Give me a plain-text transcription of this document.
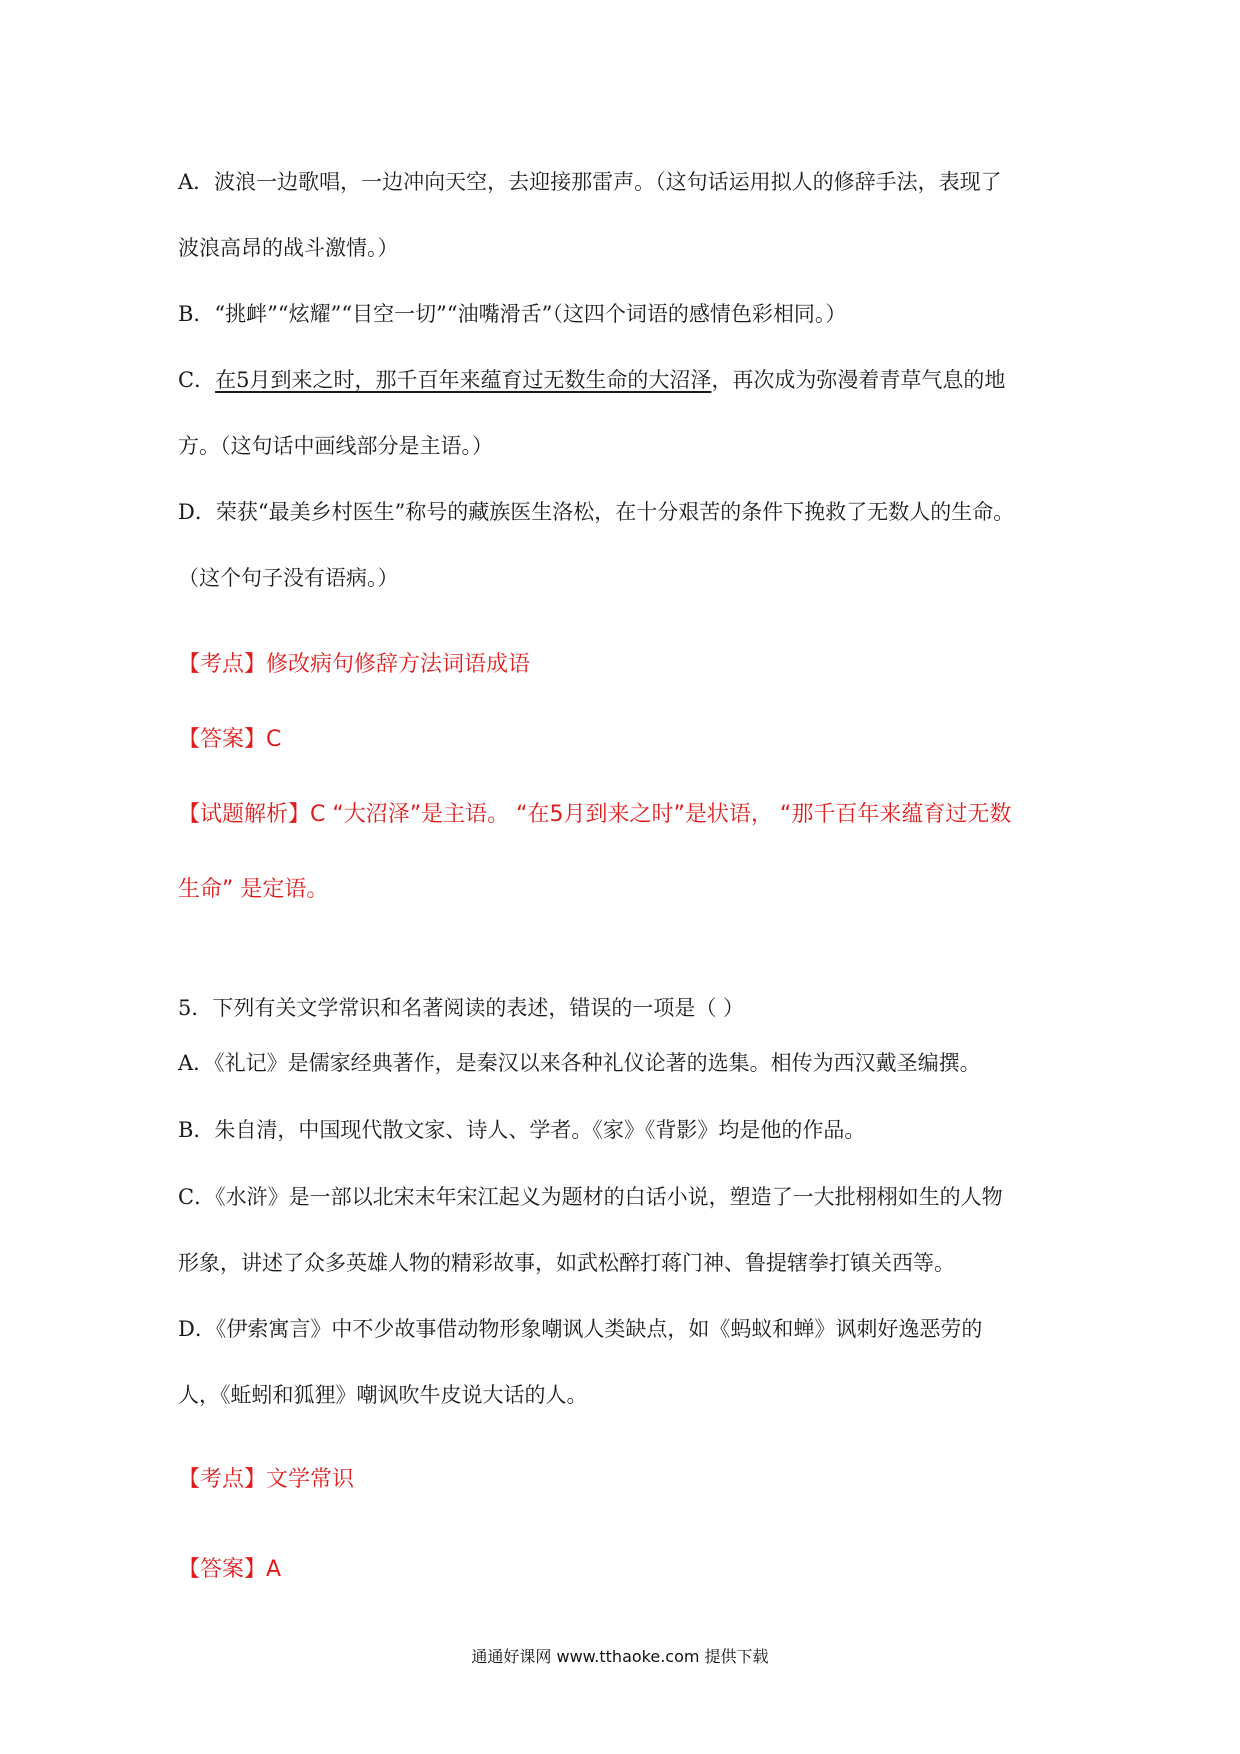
A．波浪一边歌唱，一边冲向天空，去迎接那雷声。（这句话运用拟人的修辞手法，表现了
波浪高昂的战斗激情。）
B．“挑衅”“炫耀”“目空一切”“油嘴滑舌”（这四个词语的感情色彩相同。）
C．在5月到来之时，那千百年来蕴育过无数生命的大沼泽，再次成为弥漫着青草气息的地
方。（这句话中画线部分是主语。）
D．荣获“最美乡村医生”称号的藏族医生洛松，在十分艰苦的条件下挽救了无数人的生命。
（这个句子没有语病。）
【考点】修改病句修辞方法词语成语
【答案】C
【试题解析】C “大沼泽”是主语。 “在5月到来之时”是状语， “那千百年来蕴育过无数
生命” 是定语。
5．下列有关文学常识和名著阅读的表述，错误的一项是（ ）
A．《礼记》是儒家经典著作，是秦汉以来各种礼仪论著的选集。相传为西汉戴圣编撰。
B．朱自清，中国现代散文家、诗人、学者。《家》《背影》均是他的作品。
C．《水浒》是一部以北宋末年宋江起义为题材的白话小说，塑造了一大批栩栩如生的人物
形象，讲述了众多英雄人物的精彩故事，如武松醉打蒋门神、鲁提辖拳打镇关西等。
D．《伊索寓言》中不少故事借动物形象嘲讽人类缺点，如《蚂蚁和蝉》讽刺好逸恶劳的
人，《蚯蚓和狐狸》嘲讽吹牛皮说大话的人。
【考点】文学常识
【答案】A
通通好课网 www.tthaoke.com 提供下载
